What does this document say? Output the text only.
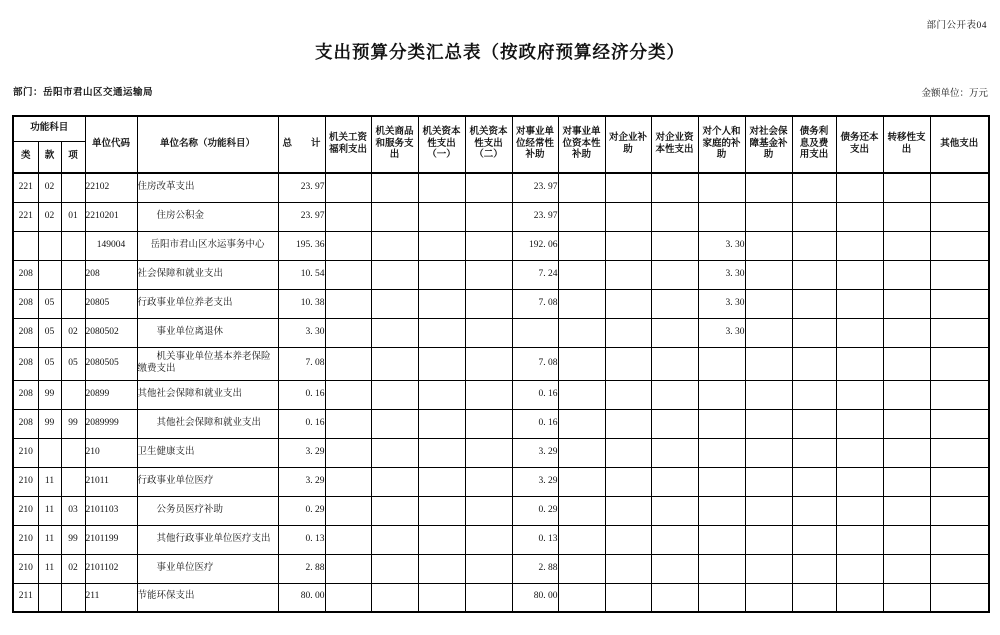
部门公开表04
支出预算分类汇总表（按政府预算经济分类）
部门：岳阳市君山区交通运输局	金额单位：万元
功能科目			单位代码	单位名称（功能科目）	总　　计	机关工资福利支出	机关商品和服务支出	机关资本性支出（一）	机关资本性支出（二）	对事业单位经常性补助	对事业单位资本性补助	对企业补助	对企业资本性支出	对个人和家庭的补助	对社会保障基金补助	债务利息及费用支出	债务还本支出	转移性支出	其他支出
类	款	项																	
221	02		22102	住房改革支出	23. 97					23. 97									
221	02	01	2210201	住房公积金	23. 97					23. 97									
			149004	岳阳市君山区水运事务中心	195. 36					192. 06				3. 30					
208			208	社会保障和就业支出	10. 54					7. 24				3. 30					
208	05		20805	行政事业单位养老支出	10. 38					7. 08				3. 30					
208	05	02	2080502	事业单位离退休	3. 30									3. 30					
208	05	05	2080505	机关事业单位基本养老保险缴费支出	7. 08					7. 08									
208	99		20899	其他社会保障和就业支出	0. 16					0. 16									
208	99	99	2089999	其他社会保障和就业支出	0. 16					0. 16									
210			210	卫生健康支出	3. 29					3. 29									
210	11		21011	行政事业单位医疗	3. 29					3. 29									
210	11	03	2101103	公务员医疗补助	0. 29					0. 29									
210	11	99	2101199	其他行政事业单位医疗支出	0. 13					0. 13									
210	11	02	2101102	事业单位医疗	2. 88					2. 88									
211			211	节能环保支出	80. 00					80. 00									
